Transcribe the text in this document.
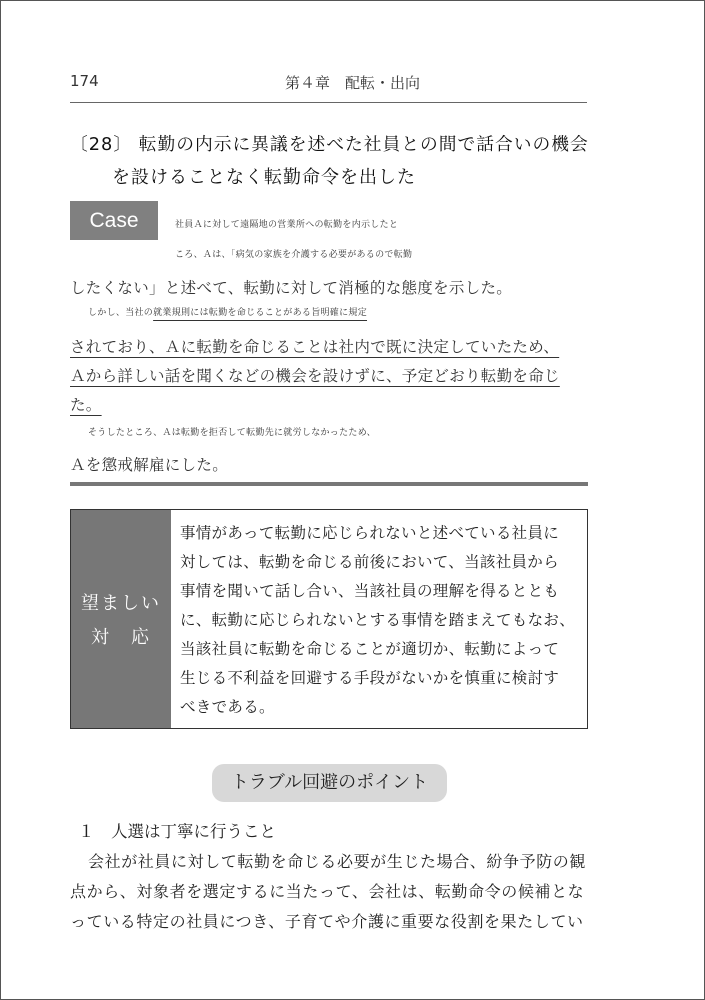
174	第４章　配転・出向
〔28〕 転勤の内示に異議を述べた社員との間で話合いの機会
を設けることなく転勤命令を出した
Case	社員Ａに対して遠隔地の営業所への転勤を内示したと
ころ、Ａは、「病気の家族を介護する必要があるので転勤
したくない」と述べて、転勤に対して消極的な態度を示した。
しかし、当社の就業規則には転勤を命じることがある旨明確に規定
されており、Ａに転勤を命じることは社内で既に決定していたため、
Ａから詳しい話を聞くなどの機会を設けずに、予定どおり転勤を命じ
た。
そうしたところ、Ａは転勤を拒否して転勤先に就労しなかったため、
Ａを懲戒解雇にした。
望ましい
対　応
事情があって転勤に応じられないと述べている社員に
対しては、転勤を命じる前後において、当該社員から
事情を聞いて話し合い、当該社員の理解を得るととも
に、転勤に応じられないとする事情を踏まえてもなお、
当該社員に転勤を命じることが適切か、転勤によって
生じる不利益を回避する手段がないかを慎重に検討す
べきである。
トラブル回避のポイント
１　人選は丁寧に行うこと
会社が社員に対して転勤を命じる必要が生じた場合、紛争予防の観
点から、対象者を選定するに当たって、会社は、転勤命令の候補とな
っている特定の社員につき、子育てや介護に重要な役割を果たしてい
